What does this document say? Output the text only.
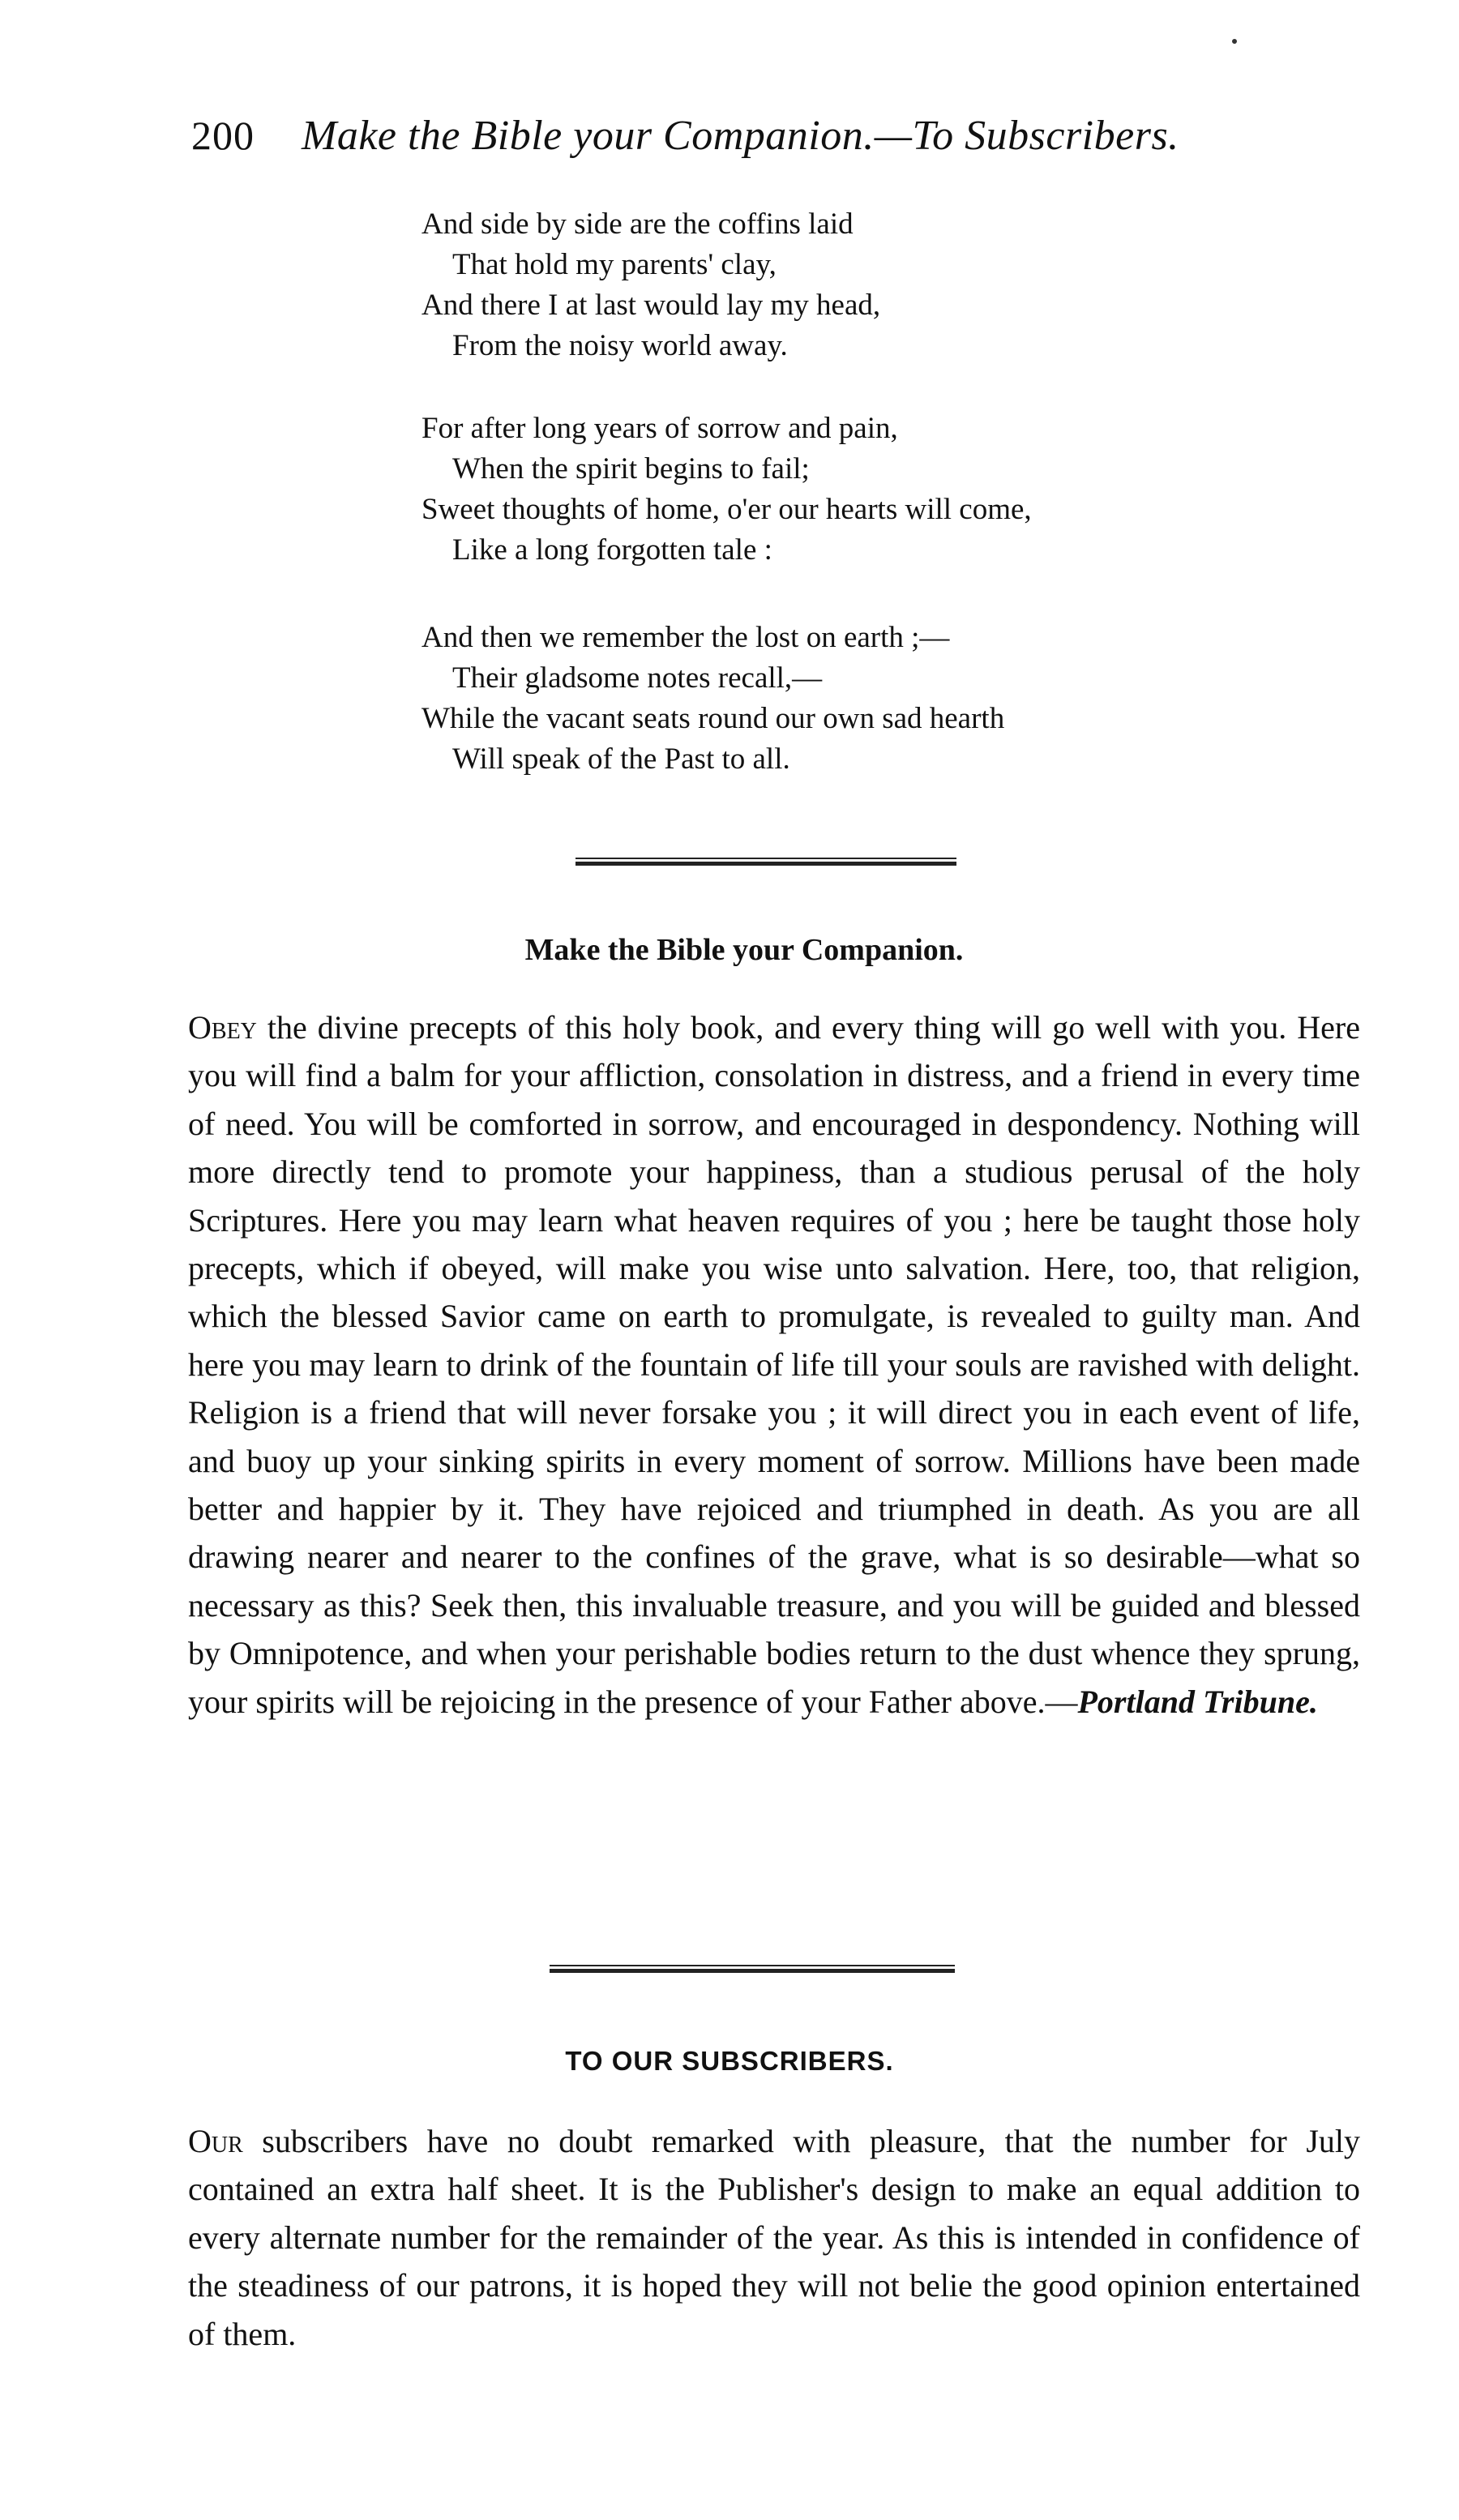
200 Make the Bible your Companion.—To Subscribers.
And side by side are the coffins laid
That hold my parents' clay,
And there I at last would lay my head,
From the noisy world away.
For after long years of sorrow and pain,
When the spirit begins to fail;
Sweet thoughts of home, o'er our hearts will come,
Like a long forgotten tale :
And then we remember the lost on earth ;—
Their gladsome notes recall,—
While the vacant seats round our own sad hearth
Will speak of the Past to all.
Make the Bible your Companion.

Obey the divine precepts of this holy book, and every thing will go well with you. Here you will find a balm for your affliction, consolation in distress, and a friend in every time of need. You will be comforted in sorrow, and encouraged in despondency. Nothing will more directly tend to promote your happiness, than a studious perusal of the holy Scriptures. Here you may learn what heaven requires of you ; here be taught those holy precepts, which if obeyed, will make you wise unto salvation. Here, too, that religion, which the blessed Savior came on earth to promulgate, is revealed to guilty man. And here you may learn to drink of the fountain of life till your souls are ravished with delight. Religion is a friend that will never forsake you ; it will direct you in each event of life, and buoy up your sinking spirits in every moment of sorrow. Millions have been made better and happier by it. They have rejoiced and triumphed in death. As you are all drawing nearer and nearer to the confines of the grave, what is so desirable—what so necessary as this? Seek then, this invaluable treasure, and you will be guided and blessed by Omnipotence, and when your perishable bodies return to the dust whence they sprung, your spirits will be rejoicing in the presence of your Father above.—Portland Tribune.

TO OUR SUBSCRIBERS.

Our subscribers have no doubt remarked with pleasure, that the number for July contained an extra half sheet. It is the Publisher's design to make an equal addition to every alternate number for the remainder of the year. As this is intended in confidence of the steadiness of our patrons, it is hoped they will not belie the good opinion entertained of them.
